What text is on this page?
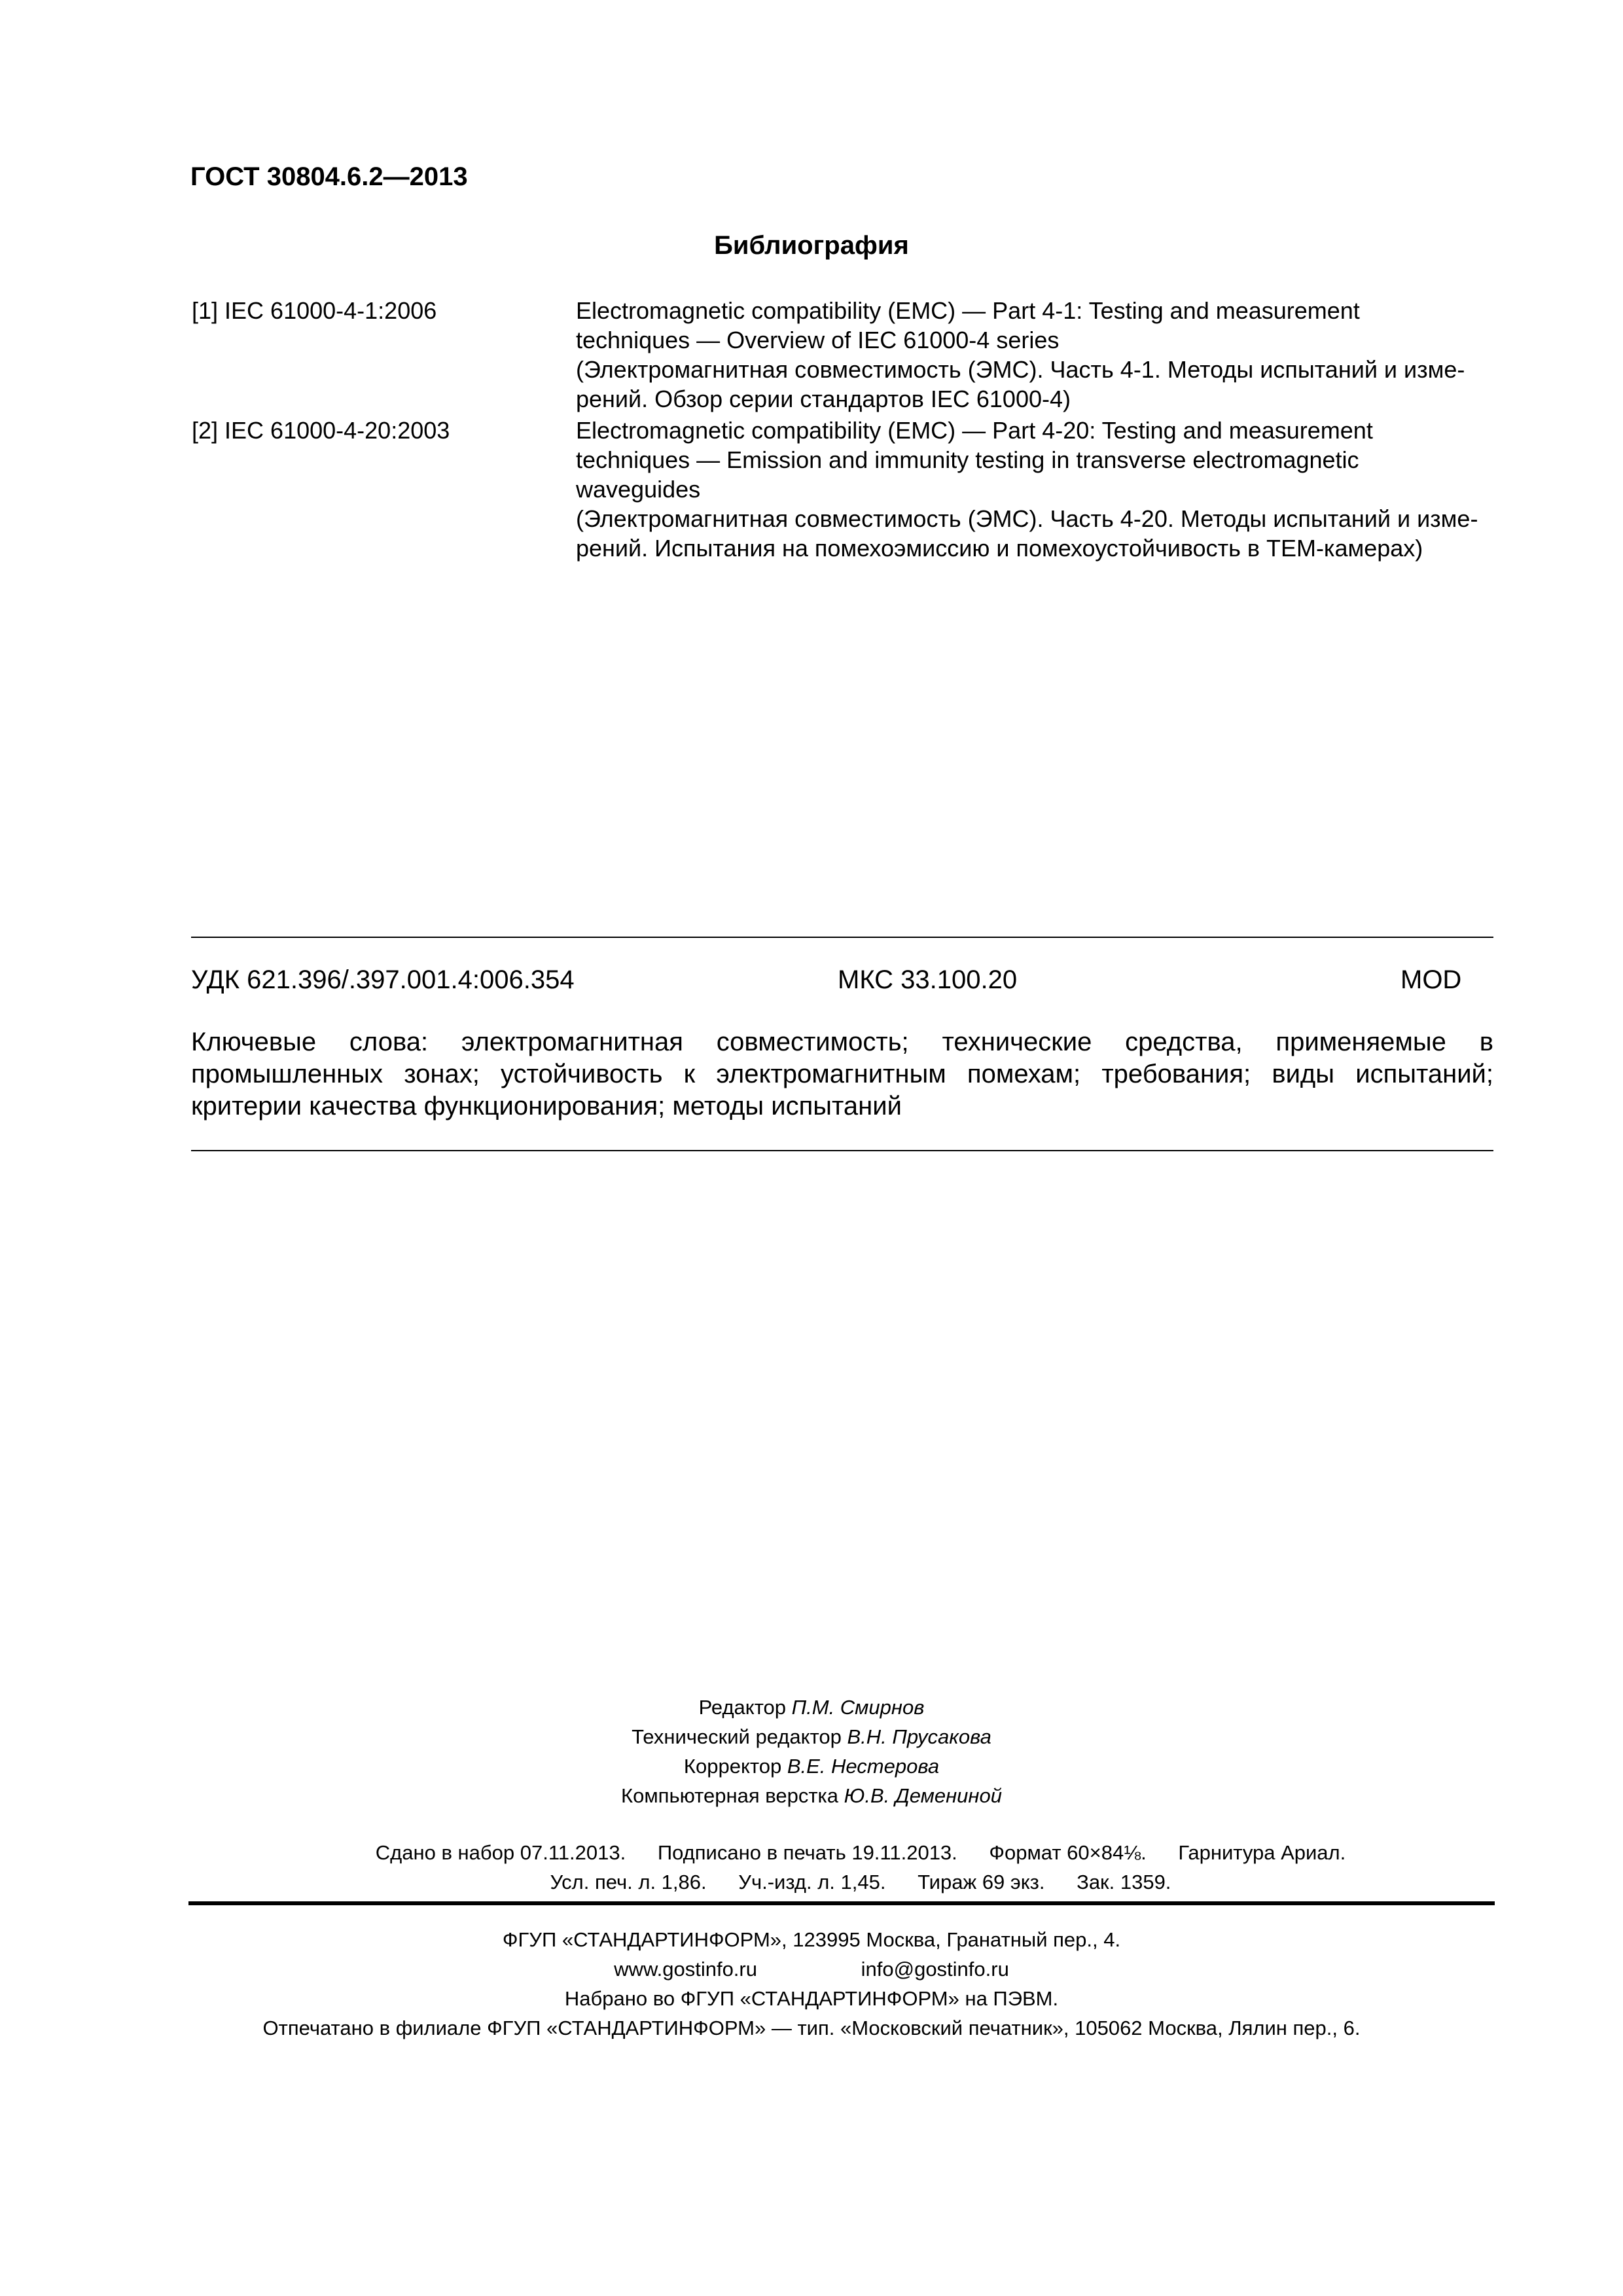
ГОСТ 30804.6.2—2013
Библиография
[1] IEC 61000-4-1:2006	Electromagnetic compatibility (EMC) — Part 4-1: Testing and measurement
techniques — Overview of IEC 61000-4 series
(Электромагнитная совместимость (ЭМС). Часть 4-1. Методы испытаний и изме-
рений. Обзор серии стандартов IEC 61000-4)
[2] IEC 61000-4-20:2003	Electromagnetic compatibility (EMC) — Part 4-20: Testing and measurement
techniques — Emission and immunity testing in transverse electromagnetic
waveguides
(Электромагнитная совместимость (ЭМС). Часть 4-20. Методы испытаний и изме-
рений. Испытания на помехоэмиссию и помехоустойчивость в ТЕМ-камерах)
УДК 621.396/.397.001.4:006.354	МКС 33.100.20	MOD
Ключевые слова: электромагнитная совместимость; технические средства, применяемые в промышленных зонах; устойчивость к электромагнитным помехам; требования; виды испытаний; критерии качества функционирования; методы испытаний
Редактор П.М. Смирнов
Технический редактор В.Н. Прусакова
Корректор В.Е. Нестерова
Компьютерная верстка Ю.В. Демениной
Сдано в набор 07.11.2013. Подписано в печать 19.11.2013. Формат 60×84⅛. Гарнитура Ариал.
Усл. печ. л. 1,86. Уч.-изд. л. 1,45. Тираж 69 экз. Зак. 1359.
ФГУП «СТАНДАРТИНФОРМ», 123995 Москва, Гранатный пер., 4.
www.gostinfo.ru	info@gostinfo.ru
Набрано во ФГУП «СТАНДАРТИНФОРМ» на ПЭВМ.
Отпечатано в филиале ФГУП «СТАНДАРТИНФОРМ» — тип. «Московский печатник», 105062 Москва, Лялин пер., 6.
